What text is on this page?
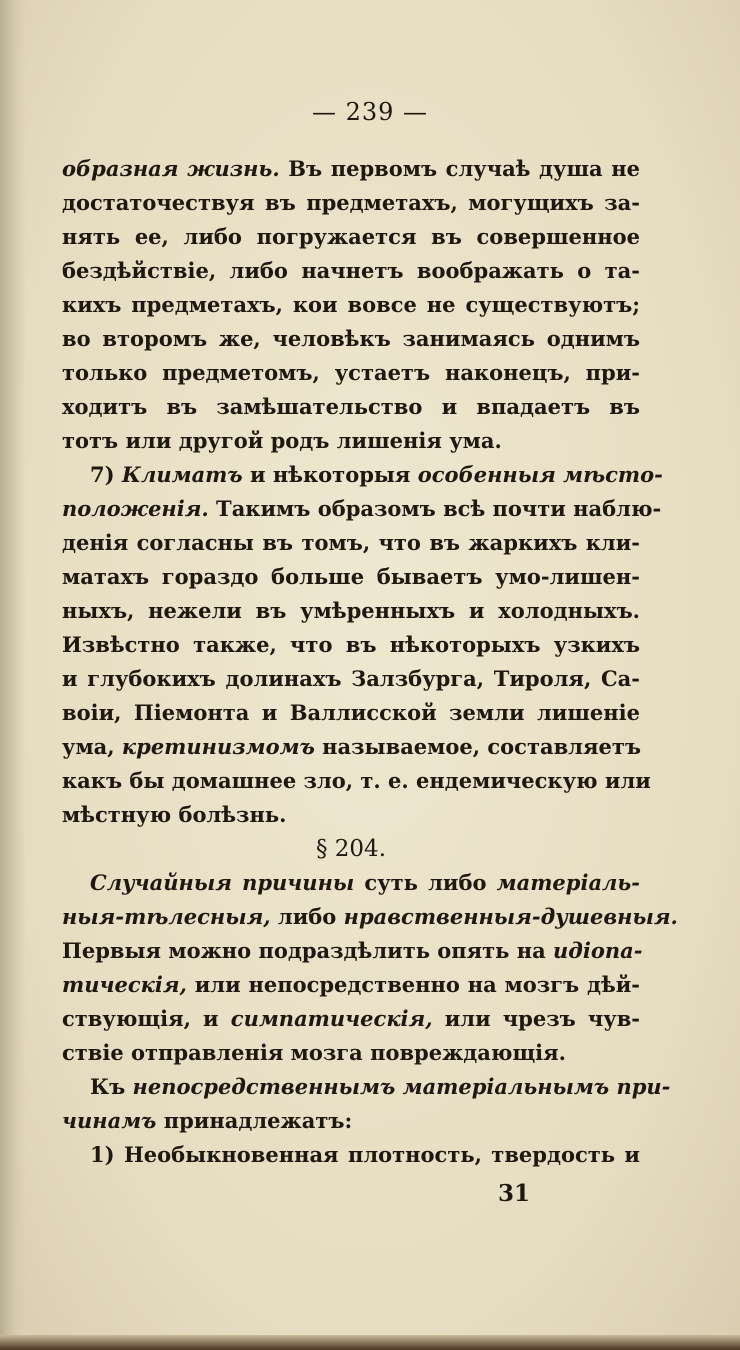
— 239 —
образная жизнь. Въ первомъ случаѣ душа не
достаточествуя въ предметахъ, могущихъ за-
нять ее, либо погружается въ совершенное
бездѣйствіе, либо начнетъ воображать о та-
кихъ предметахъ, кои вовсе не существуютъ;
во второмъ же, человѣкъ занимаясь однимъ
только предметомъ, устаетъ наконецъ, при-
ходитъ въ замѣшательство и впадаетъ въ
тотъ или другой родъ лишенія ума.
7) Климатъ и нѣкоторыя особенныя мѣсто-
положенія. Такимъ образомъ всѣ почти наблю-
денія согласны въ томъ, что въ жаркихъ кли-
матахъ гораздо больше бываетъ умо-лишен-
ныхъ, нежели въ умѣренныхъ и холодныхъ.
Извѣстно также, что въ нѣкоторыхъ узкихъ
и глубокихъ долинахъ Залзбурга, Тироля, Са-
воіи, Піемонта и Валлисской земли лишеніе
ума, кретинизмомъ называемое, составляетъ
какъ бы домашнее зло, т. е. ендемическую или
мѣстную болѣзнь.
§ 204.
Случайныя причины суть либо матеріаль-
ныя-тѣлесныя, либо нравственныя-душевныя.
Первыя можно подраздѣлить опять на идіопа-
тическія, или непосредственно на мозгъ дѣй-
ствующія, и симпатическія, или чрезъ чув-
ствіе отправленія мозга повреждающія.
Къ непосредственнымъ матеріальнымъ при-
чинамъ принадлежатъ:
1) Необыкновенная плотность, твердость и
31
